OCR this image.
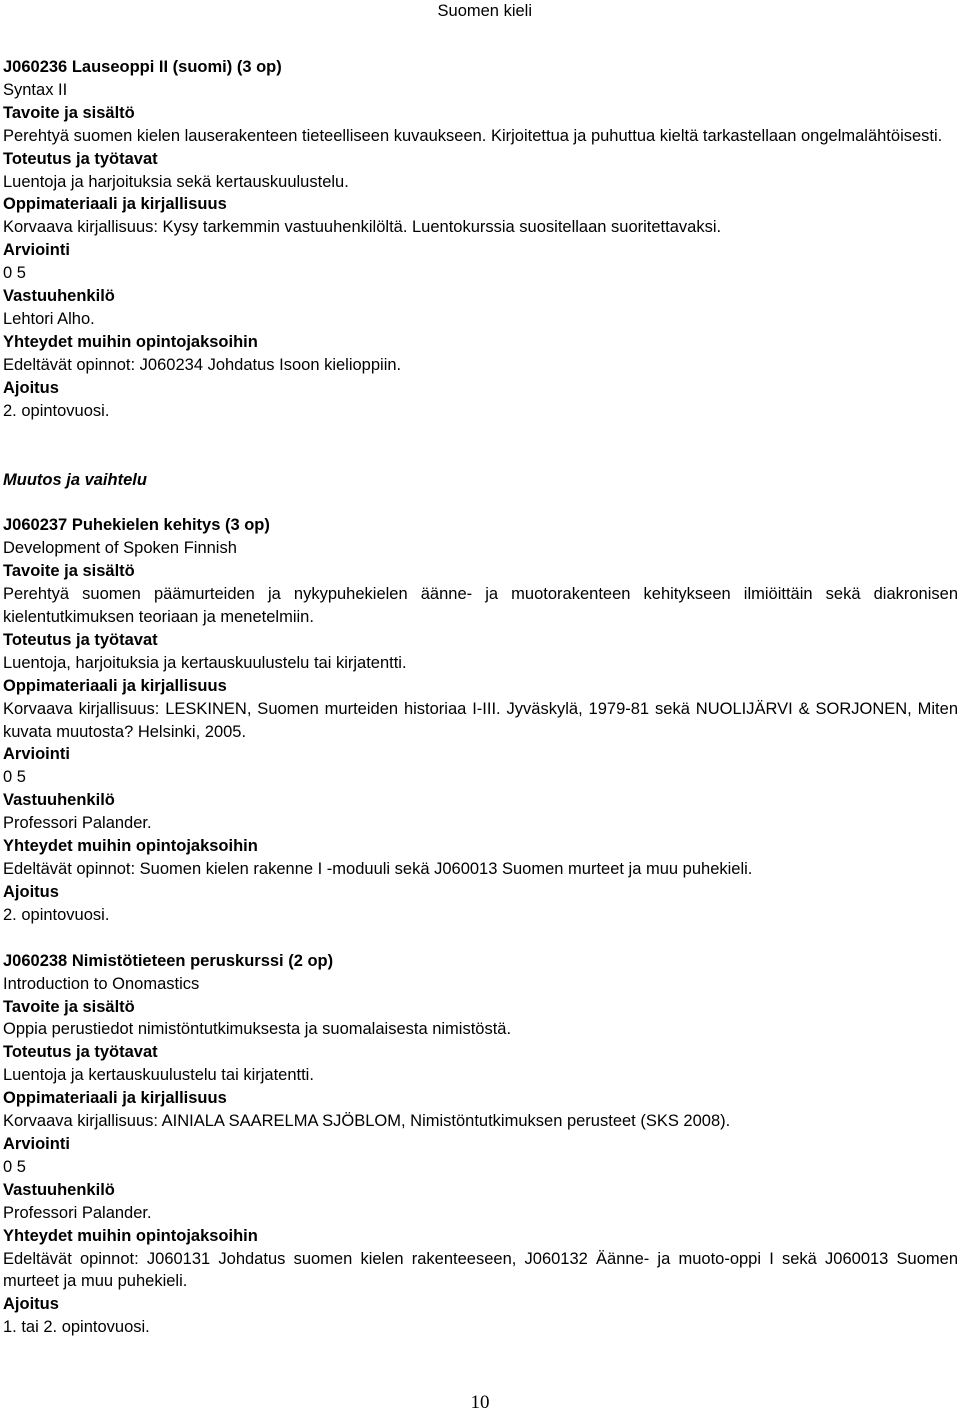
Suomen kieli

J060236 Lauseoppi II (suomi) (3 op)

Syntax II

Tavoite ja sisältö

Perehtyä suomen kielen lauserakenteen tieteelliseen kuvaukseen. Kirjoitettua ja puhuttua kieltä tarkastellaan ongelmalähtöisesti.

Toteutus ja työtavat

Luentoja ja harjoituksia sekä kertauskuulustelu.

Oppimateriaali ja kirjallisuus

Korvaava kirjallisuus: Kysy tarkemmin vastuuhenkilöltä. Luentokurssia suositellaan suoritettavaksi.

Arviointi

0 5

Vastuuhenkilö

Lehtori Alho.

Yhteydet muihin opintojaksoihin

Edeltävät opinnot: J060234 Johdatus Isoon kielioppiin.

Ajoitus

2. opintovuosi.

Muutos ja vaihtelu

J060237 Puhekielen kehitys (3 op)

Development of Spoken Finnish

Tavoite ja sisältö

Perehtyä suomen päämurteiden ja nykypuhekielen äänne- ja muotorakenteen kehitykseen ilmiöittäin sekä diakronisen kielentutkimuksen teoriaan ja menetelmiin.

Toteutus ja työtavat

Luentoja, harjoituksia ja kertauskuulustelu tai kirjatentti.

Oppimateriaali ja kirjallisuus

Korvaava kirjallisuus: LESKINEN, Suomen murteiden historiaa I-III. Jyväskylä, 1979-81 sekä NUOLIJÄRVI & SORJONEN, Miten kuvata muutosta? Helsinki, 2005.

Arviointi

0 5

Vastuuhenkilö

Professori Palander.

Yhteydet muihin opintojaksoihin

Edeltävät opinnot: Suomen kielen rakenne I -moduuli sekä J060013 Suomen murteet ja muu puhekieli.

Ajoitus

2. opintovuosi.

J060238 Nimistötieteen peruskurssi (2 op)

Introduction to Onomastics

Tavoite ja sisältö

Oppia perustiedot nimistöntutkimuksesta ja suomalaisesta nimistöstä.

Toteutus ja työtavat

Luentoja ja kertauskuulustelu tai kirjatentti.

Oppimateriaali ja kirjallisuus

Korvaava kirjallisuus: AINIALA SAARELMA SJÖBLOM, Nimistöntutkimuksen perusteet (SKS 2008).

Arviointi

0 5

Vastuuhenkilö

Professori Palander.

Yhteydet muihin opintojaksoihin

Edeltävät opinnot: J060131 Johdatus suomen kielen rakenteeseen, J060132 Äänne- ja muoto-oppi I sekä J060013 Suomen murteet ja muu puhekieli.

Ajoitus

1. tai 2. opintovuosi.

10
